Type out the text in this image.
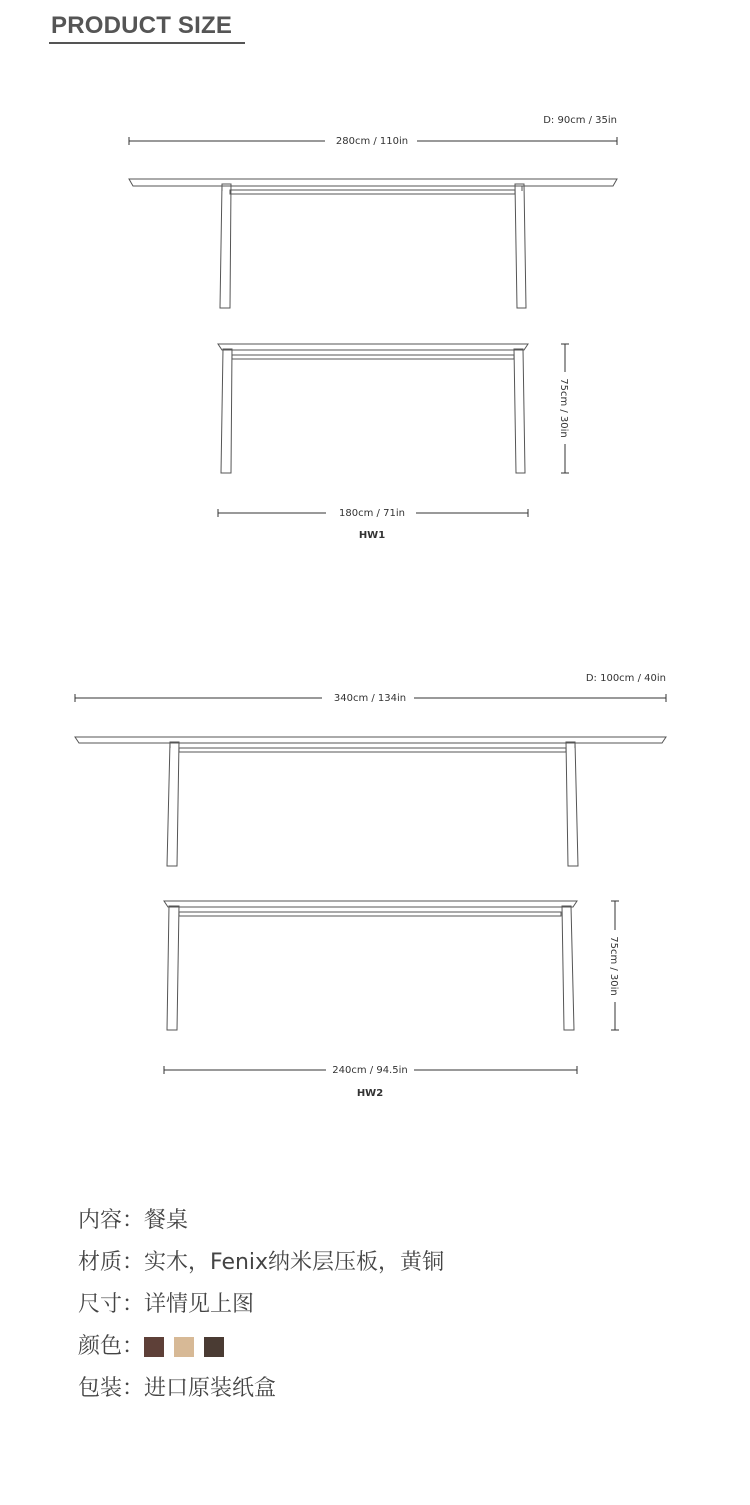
PRODUCT SIZE
D: 90cm / 35in
280cm / 110in
75cm / 30in
180cm / 71in
HW1
D: 100cm / 40in
340cm / 134in
75cm / 30in
240cm / 94.5in
HW2
内容：餐桌
材质：实木，Fenix纳米层压板，黄铜
尺寸：详情见上图
颜色：
包装：进口原装纸盒
